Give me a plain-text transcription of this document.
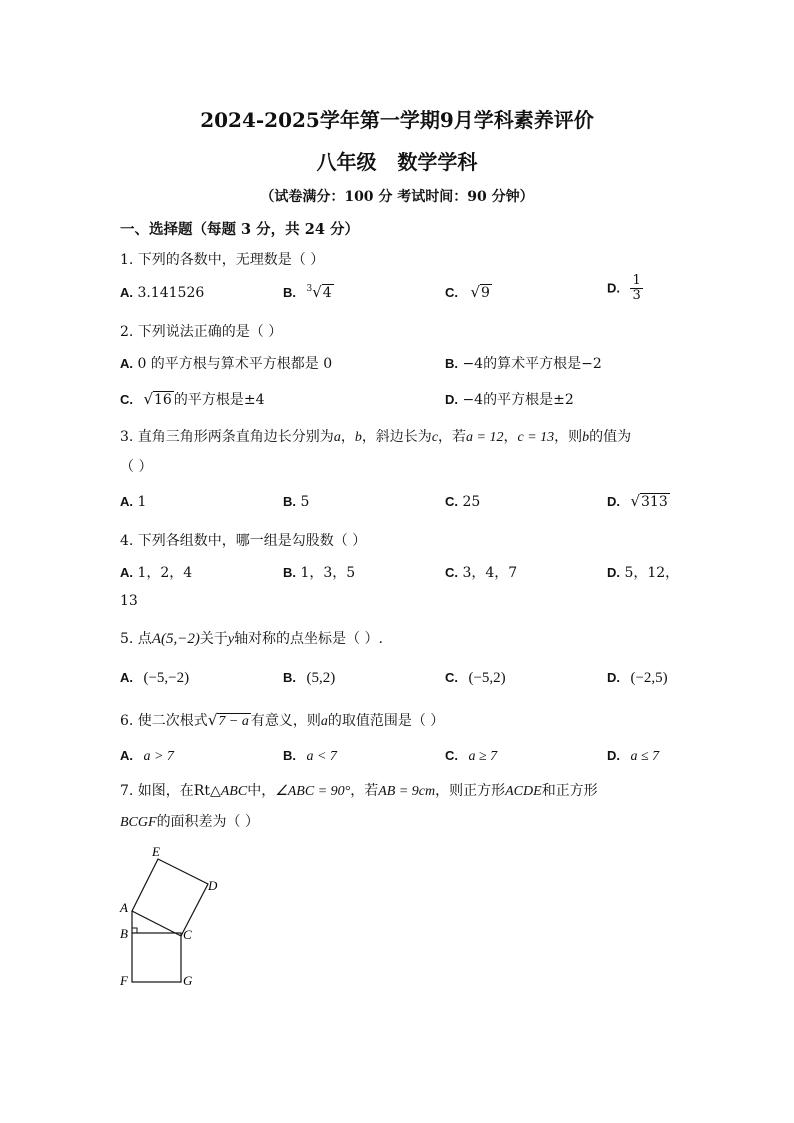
2024-2025学年第一学期9月学科素养评价
八年级   数学学科
（试卷满分：100 分 考试时间：90 分钟）
一、选择题（每题 3 分，共 24 分）
1. 下列的各数中，无理数是（ ）
A. 3.141526	B. $^3$√4	C. √9	D. $\frac{1}{3}$
2. 下列说法正确的是（ ）
A. 0 的平方根与算术平方根都是 0	B. −4的算术平方根是−2
C. √16 的平方根是±4	D. −4的平方根是±2
3. 直角三角形两条直角边长分别为a，b，斜边长为c，若a = 12，c = 13，则b的值为
（ ）
A. 1	B. 5	C. 25	D. √313
4. 下列各组数中，哪一组是勾股数（ ）
A. 1，2，4	B. 1，3，5	C. 3，4，7	D. 5，12，
13
5. 点A(5,−2)关于y轴对称的点坐标是（ ）.
A. (−5,−2)	B. (5,2)	C. (−5,2)	D. (−2,5)
6. 使二次根式√7 − a 有意义，则a的取值范围是（ ）
A. a > 7	B. a < 7	C. a ≥ 7	D. a ≤ 7
7. 如图，在Rt△ABC中，∠ABC = 90°，若AB = 9cm，则正方形ACDE和正方形
BCGF的面积差为（ ）
E
D
A
B	C
F	G
